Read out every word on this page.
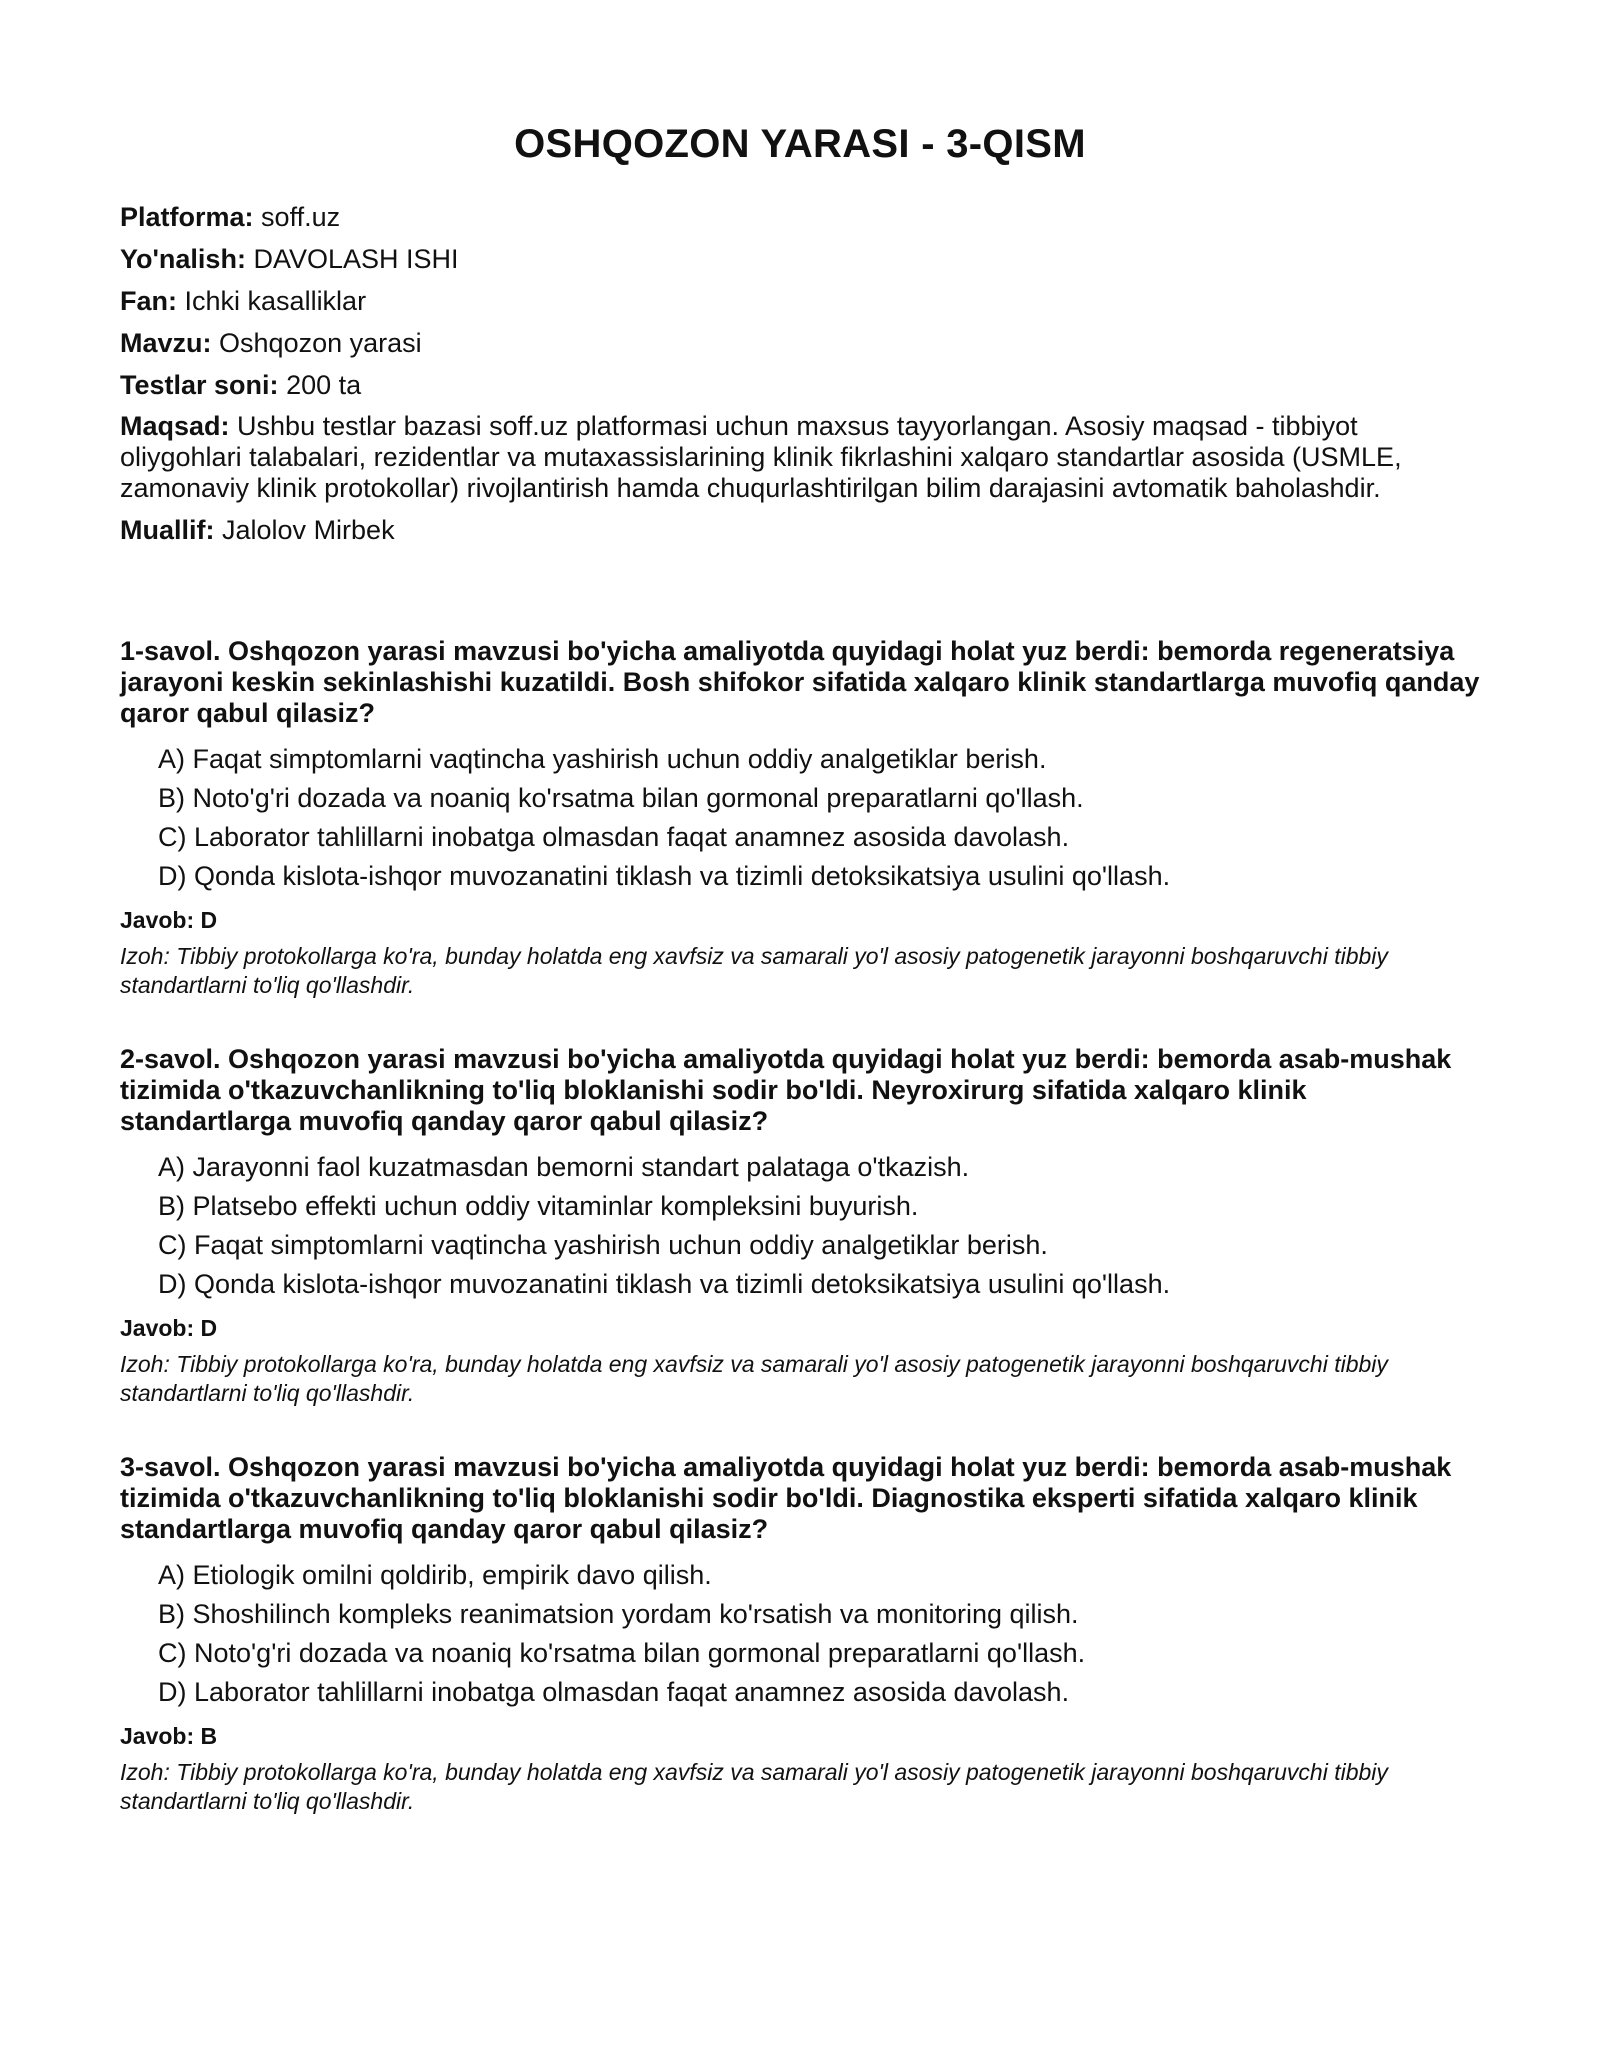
OSHQOZON YARASI - 3-QISM
Platforma: soff.uz
Yo'nalish: DAVOLASH ISHI
Fan: Ichki kasalliklar
Mavzu: Oshqozon yarasi
Testlar soni: 200 ta
Maqsad: Ushbu testlar bazasi soff.uz platformasi uchun maxsus tayyorlangan. Asosiy maqsad - tibbiyot oliygohlari talabalari, rezidentlar va mutaxassislarining klinik fikrlashini xalqaro standartlar asosida (USMLE, zamonaviy klinik protokollar) rivojlantirish hamda chuqurlashtirilgan bilim darajasini avtomatik baholashdir.
Muallif: Jalolov Mirbek
1-savol. Oshqozon yarasi mavzusi bo'yicha amaliyotda quyidagi holat yuz berdi: bemorda regeneratsiya jarayoni keskin sekinlashishi kuzatildi. Bosh shifokor sifatida xalqaro klinik standartlarga muvofiq qanday qaror qabul qilasiz?
A) Faqat simptomlarni vaqtincha yashirish uchun oddiy analgetiklar berish.
B) Noto'g'ri dozada va noaniq ko'rsatma bilan gormonal preparatlarni qo'llash.
C) Laborator tahlillarni inobatga olmasdan faqat anamnez asosida davolash.
D) Qonda kislota-ishqor muvozanatini tiklash va tizimli detoksikatsiya usulini qo'llash.
Javob: D
Izoh: Tibbiy protokollarga ko'ra, bunday holatda eng xavfsiz va samarali yo'l asosiy patogenetik jarayonni boshqaruvchi tibbiy standartlarni to'liq qo'llashdir.
2-savol. Oshqozon yarasi mavzusi bo'yicha amaliyotda quyidagi holat yuz berdi: bemorda asab-mushak tizimida o'tkazuvchanlikning to'liq bloklanishi sodir bo'ldi. Neyroxirurg sifatida xalqaro klinik standartlarga muvofiq qanday qaror qabul qilasiz?
A) Jarayonni faol kuzatmasdan bemorni standart palataga o'tkazish.
B) Platsebo effekti uchun oddiy vitaminlar kompleksini buyurish.
C) Faqat simptomlarni vaqtincha yashirish uchun oddiy analgetiklar berish.
D) Qonda kislota-ishqor muvozanatini tiklash va tizimli detoksikatsiya usulini qo'llash.
Javob: D
Izoh: Tibbiy protokollarga ko'ra, bunday holatda eng xavfsiz va samarali yo'l asosiy patogenetik jarayonni boshqaruvchi tibbiy standartlarni to'liq qo'llashdir.
3-savol. Oshqozon yarasi mavzusi bo'yicha amaliyotda quyidagi holat yuz berdi: bemorda asab-mushak tizimida o'tkazuvchanlikning to'liq bloklanishi sodir bo'ldi. Diagnostika eksperti sifatida xalqaro klinik standartlarga muvofiq qanday qaror qabul qilasiz?
A) Etiologik omilni qoldirib, empirik davo qilish.
B) Shoshilinch kompleks reanimatsion yordam ko'rsatish va monitoring qilish.
C) Noto'g'ri dozada va noaniq ko'rsatma bilan gormonal preparatlarni qo'llash.
D) Laborator tahlillarni inobatga olmasdan faqat anamnez asosida davolash.
Javob: B
Izoh: Tibbiy protokollarga ko'ra, bunday holatda eng xavfsiz va samarali yo'l asosiy patogenetik jarayonni boshqaruvchi tibbiy standartlarni to'liq qo'llashdir.
